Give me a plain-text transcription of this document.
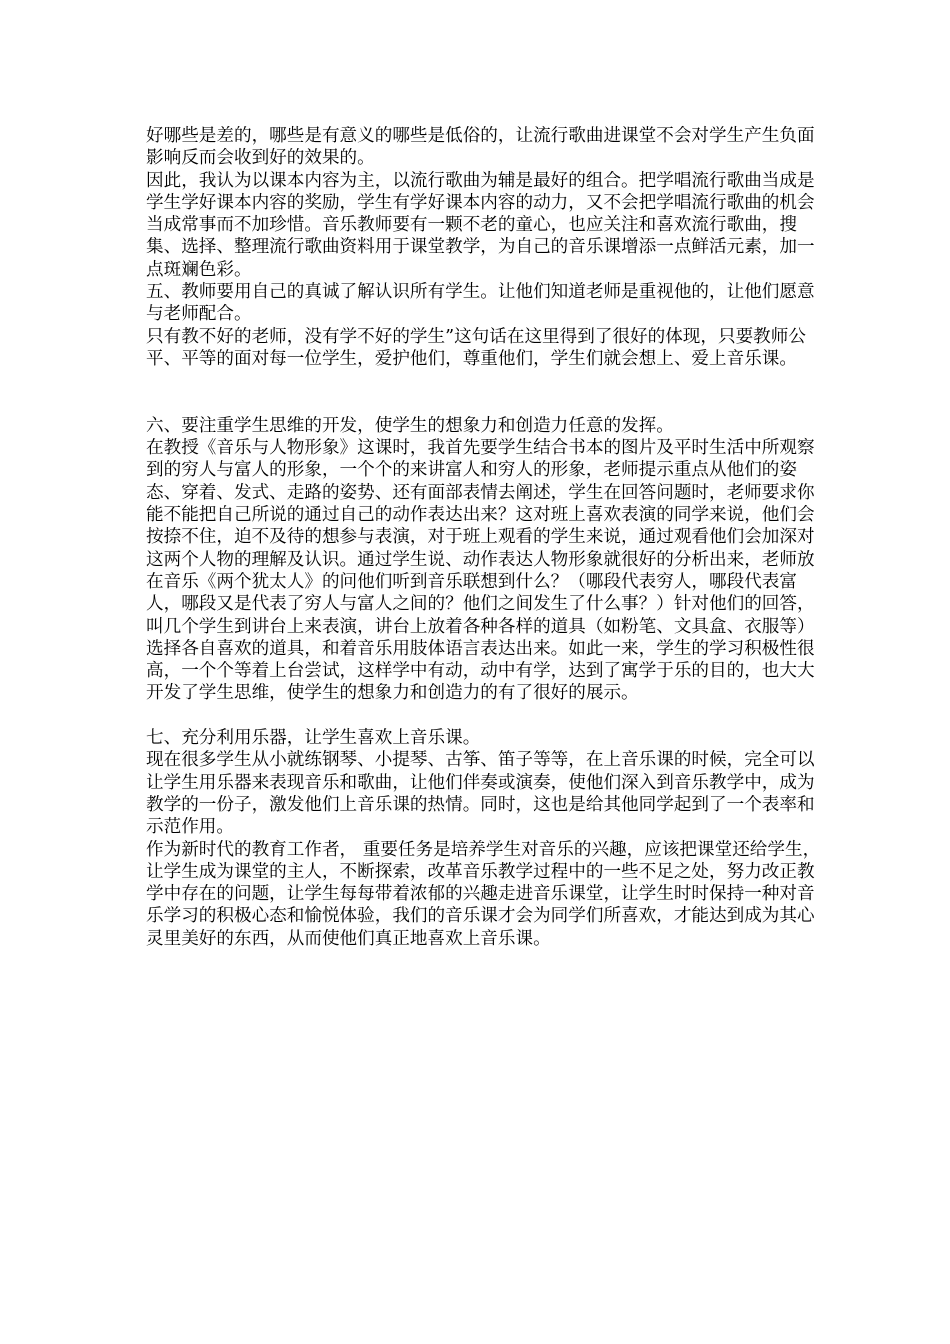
好哪些是差的，哪些是有意义的哪些是低俗的，让流行歌曲进课堂不会对学生产生负面影响反而会收到好的效果的。

因此，我认为以课本内容为主，以流行歌曲为辅是最好的组合。把学唱流行歌曲当成是学生学好课本内容的奖励，学生有学好课本内容的动力，又不会把学唱流行歌曲的机会当成常事而不加珍惜。音乐教师要有一颗不老的童心，也应关注和喜欢流行歌曲，搜集、选择、整理流行歌曲资料用于课堂教学，为自己的音乐课增添一点鲜活元素，加一点斑斓色彩。

五、教师要用自己的真诚了解认识所有学生。让他们知道老师是重视他的，让他们愿意与老师配合。

只有教不好的老师，没有学不好的学生”这句话在这里得到了很好的体现，只要教师公平、平等的面对每一位学生，爱护他们，尊重他们，学生们就会想上、爱上音乐课。

六、要注重学生思维的开发，使学生的想象力和创造力任意的发挥。

在教授《音乐与人物形象》这课时，我首先要学生结合书本的图片及平时生活中所观察到的穷人与富人的形象，一个个的来讲富人和穷人的形象，老师提示重点从他们的姿态、穿着、发式、走路的姿势、还有面部表情去阐述，学生在回答问题时，老师要求你能不能把自己所说的通过自己的动作表达出来？这对班上喜欢表演的同学来说，他们会按捺不住，迫不及待的想参与表演，对于班上观看的学生来说，通过观看他们会加深对这两个人物的理解及认识。通过学生说、动作表达人物形象就很好的分析出来，老师放在音乐《两个犹太人》的问他们听到音乐联想到什么？（哪段代表穷人，哪段代表富人，哪段又是代表了穷人与富人之间的？他们之间发生了什么事？）针对他们的回答，叫几个学生到讲台上来表演，讲台上放着各种各样的道具（如粉笔、文具盒、衣服等）选择各自喜欢的道具，和着音乐用肢体语言表达出来。如此一来，学生的学习积极性很高，一个个等着上台尝试，这样学中有动，动中有学，达到了寓学于乐的目的，也大大开发了学生思维，使学生的想象力和创造力的有了很好的展示。

七、充分利用乐器，让学生喜欢上音乐课。

现在很多学生从小就练钢琴、小提琴、古筝、笛子等等，在上音乐课的时候，完全可以让学生用乐器来表现音乐和歌曲，让他们伴奏或演奏，使他们深入到音乐教学中，成为教学的一份子，激发他们上音乐课的热情。同时，这也是给其他同学起到了一个表率和示范作用。

作为新时代的教育工作者， 重要任务是培养学生对音乐的兴趣，应该把课堂还给学生，让学生成为课堂的主人，不断探索，改革音乐教学过程中的一些不足之处，努力改正教学中存在的问题，让学生每每带着浓郁的兴趣走进音乐课堂，让学生时时保持一种对音乐学习的积极心态和愉悦体验，我们的音乐课才会为同学们所喜欢，才能达到成为其心灵里美好的东西，从而使他们真正地喜欢上音乐课。
